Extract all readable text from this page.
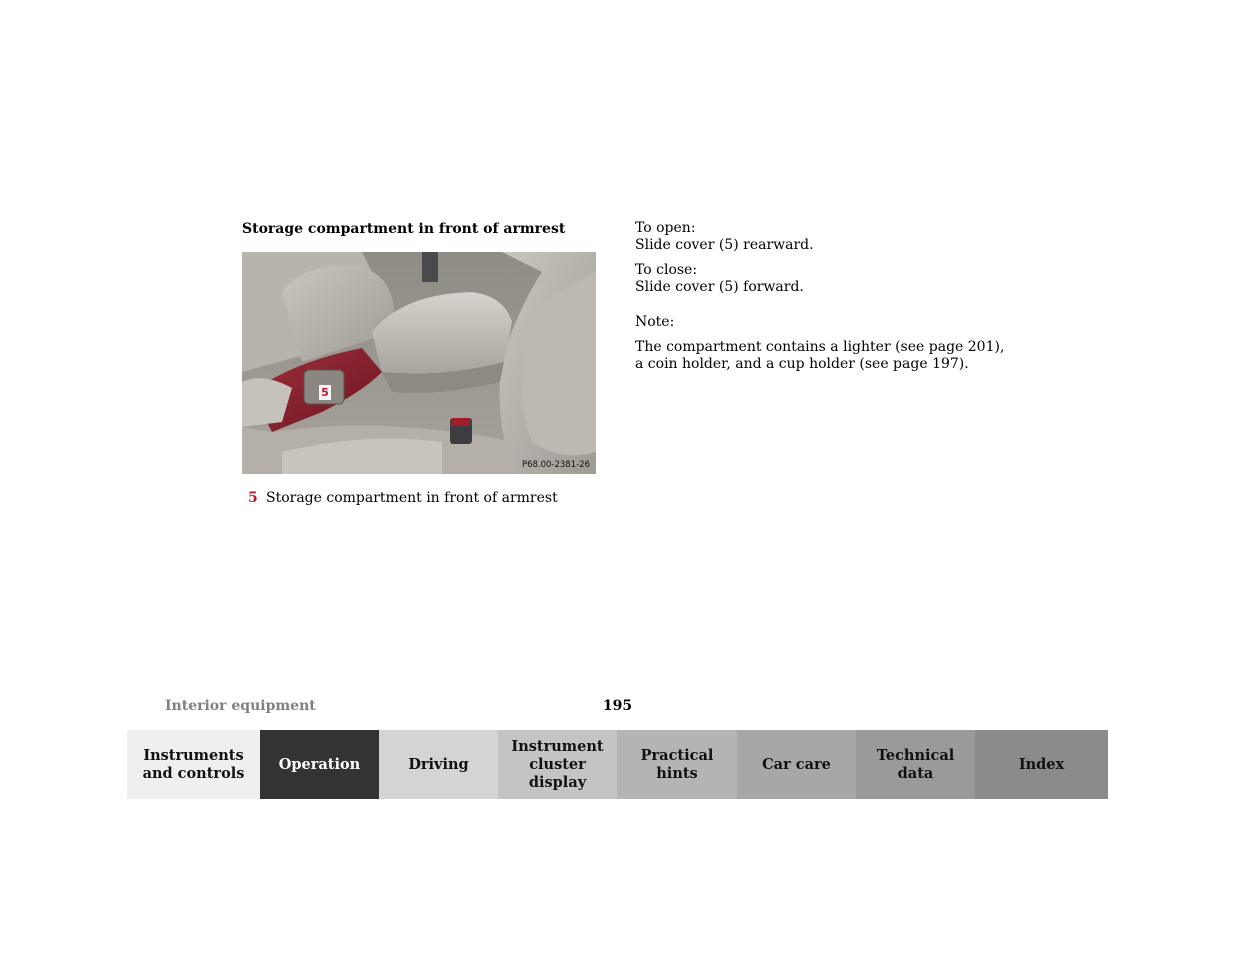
Storage compartment in front of armrest
5
P68.00-2381-26
5 Storage compartment in front of armrest
To open:
Slide cover (5) rearward.
To close:
Slide cover (5) forward.
Note:
The compartment contains a lighter (see page 201), a coin holder, and a cup holder (see page 197).
Interior equipment	195
Instruments
and controls
Operation	Driving
Instrument
cluster display
Practical hints
Car care
Technical
data
Index
